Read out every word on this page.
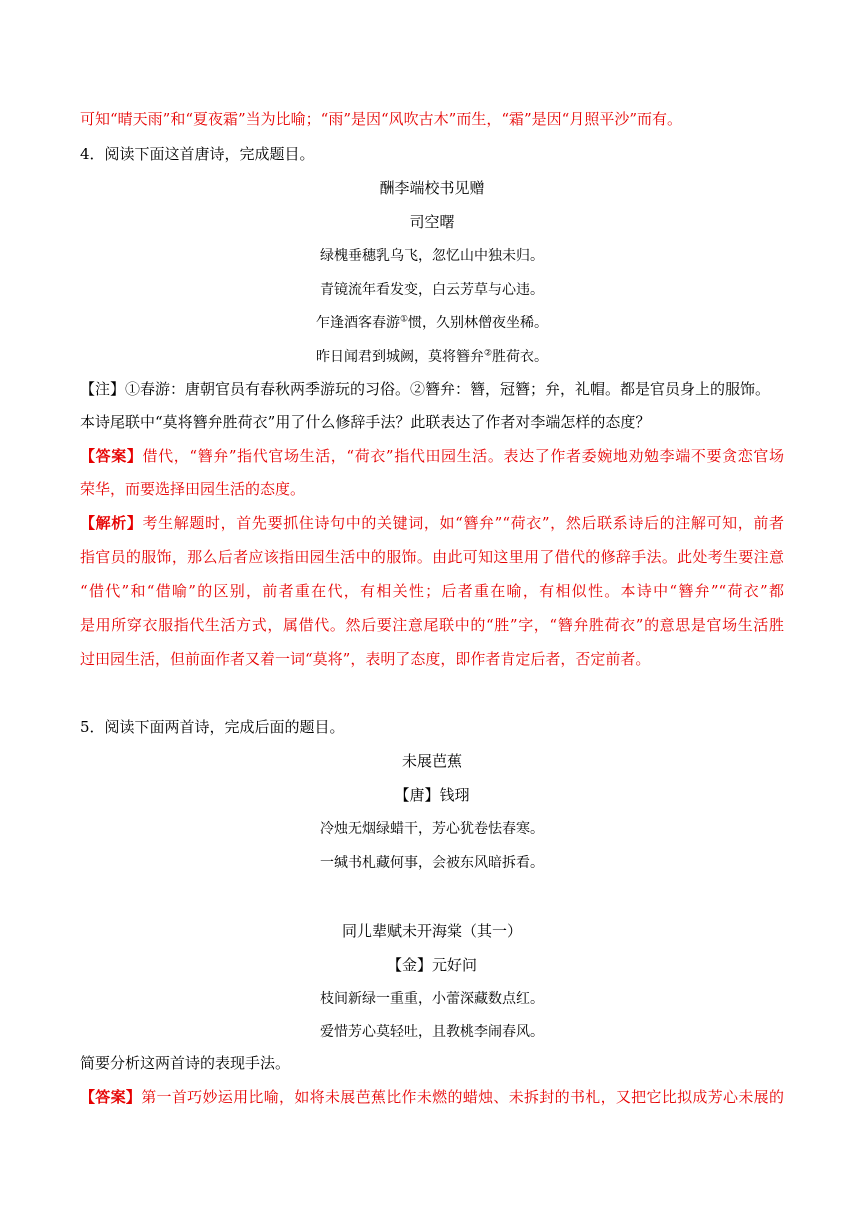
可知“晴天雨”和“夏夜霜”当为比喻；“雨”是因“风吹古木”而生，“霜”是因“月照平沙”而有。
4．阅读下面这首唐诗，完成题目。
酬李端校书见赠
司空曙
绿槐垂穗乳乌飞，忽忆山中独未归。
青镜流年看发变，白云芳草与心违。
乍逢酒客春游①惯，久别林僧夜坐稀。
昨日闻君到城阙，莫将簪弁②胜荷衣。
【注】①春游：唐朝官员有春秋两季游玩的习俗。②簪弁：簪，冠簪；弁，礼帽。都是官员身上的服饰。
本诗尾联中“莫将簪弁胜荷衣”用了什么修辞手法？此联表达了作者对李端怎样的态度？
【答案】借代，“簪弁”指代官场生活，“荷衣”指代田园生活。表达了作者委婉地劝勉李端不要贪恋官场
荣华，而要选择田园生活的态度。
【解析】考生解题时，首先要抓住诗句中的关键词，如“簪弁”“荷衣”，然后联系诗后的注解可知，前者
指官员的服饰，那么后者应该指田园生活中的服饰。由此可知这里用了借代的修辞手法。此处考生要注意
“借代”和“借喻”的区别，前者重在代，有相关性；后者重在喻，有相似性。本诗中“簪弁”“荷衣”都
是用所穿衣服指代生活方式，属借代。然后要注意尾联中的“胜”字，“簪弁胜荷衣”的意思是官场生活胜
过田园生活，但前面作者又着一词“莫将”，表明了态度，即作者肯定后者，否定前者。
5．阅读下面两首诗，完成后面的题目。
未展芭蕉
【唐】钱珝
冷烛无烟绿蜡干，芳心犹卷怯春寒。
一缄书札藏何事，会被东风暗拆看。
同儿辈赋未开海棠（其一）
【金】元好问
枝间新绿一重重，小蕾深藏数点红。
爱惜芳心莫轻吐，且教桃李闹春风。
简要分析这两首诗的表现手法。
【答案】第一首巧妙运用比喻，如将未展芭蕉比作未燃的蜡烛、未拆封的书札，又把它比拟成芳心未展的
